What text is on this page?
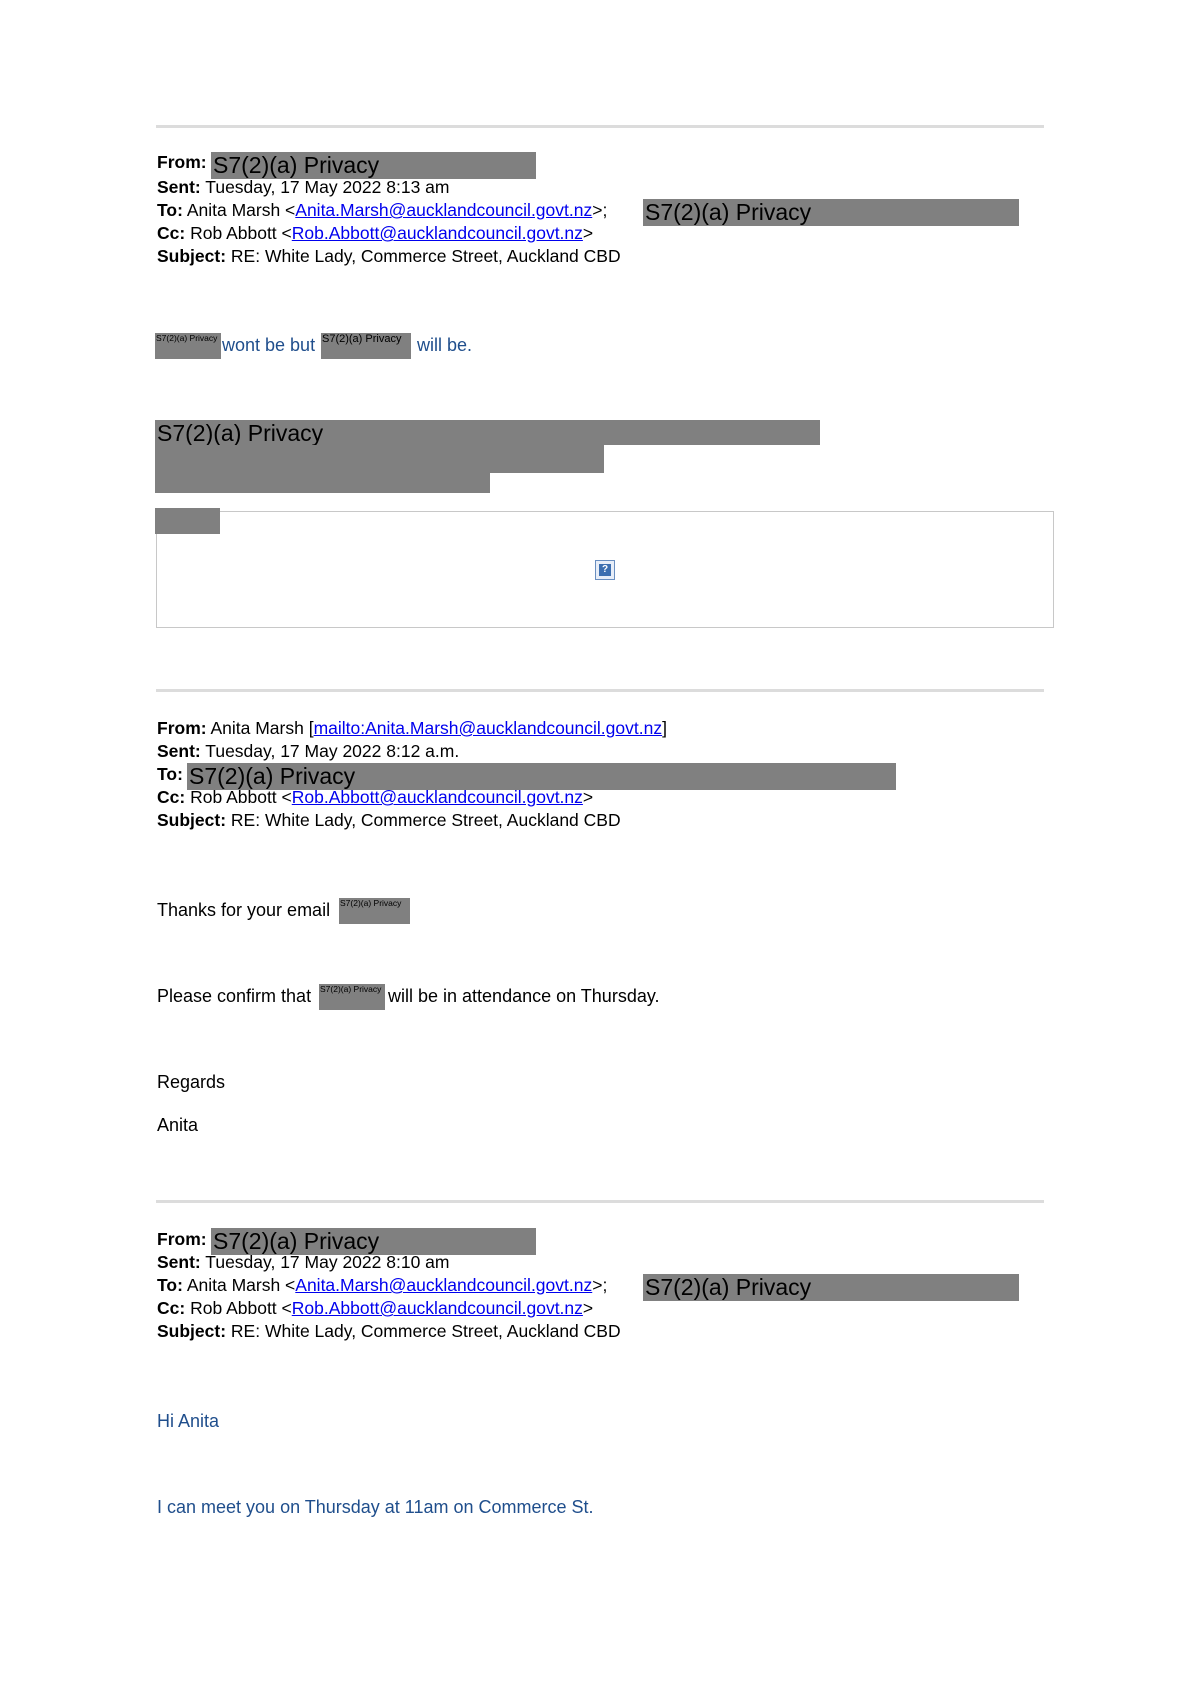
From: S7(2)(a) Privacy
Sent: Tuesday, 17 May 2022 8:13 am
To: Anita Marsh <Anita.Marsh@aucklandcouncil.govt.nz>; S7(2)(a) Privacy
Cc: Rob Abbott <Rob.Abbott@aucklandcouncil.govt.nz>
Subject: RE: White Lady, Commerce Street, Auckland CBD
S7(2)(a) Privacy wont be but S7(2)(a) Privacy will be.
S7(2)(a) Privacy
?
From: Anita Marsh [mailto:Anita.Marsh@aucklandcouncil.govt.nz]
Sent: Tuesday, 17 May 2022 8:12 a.m.
To: S7(2)(a) Privacy
Cc: Rob Abbott <Rob.Abbott@aucklandcouncil.govt.nz>
Subject: RE: White Lady, Commerce Street, Auckland CBD
Thanks for your email S7(2)(a) Privacy
Please confirm that S7(2)(a) Privacy will be in attendance on Thursday.
Regards
Anita
From: S7(2)(a) Privacy
Sent: Tuesday, 17 May 2022 8:10 am
To: Anita Marsh <Anita.Marsh@aucklandcouncil.govt.nz>; S7(2)(a) Privacy
Cc: Rob Abbott <Rob.Abbott@aucklandcouncil.govt.nz>
Subject: RE: White Lady, Commerce Street, Auckland CBD
Hi Anita
I can meet you on Thursday at 11am on Commerce St.
